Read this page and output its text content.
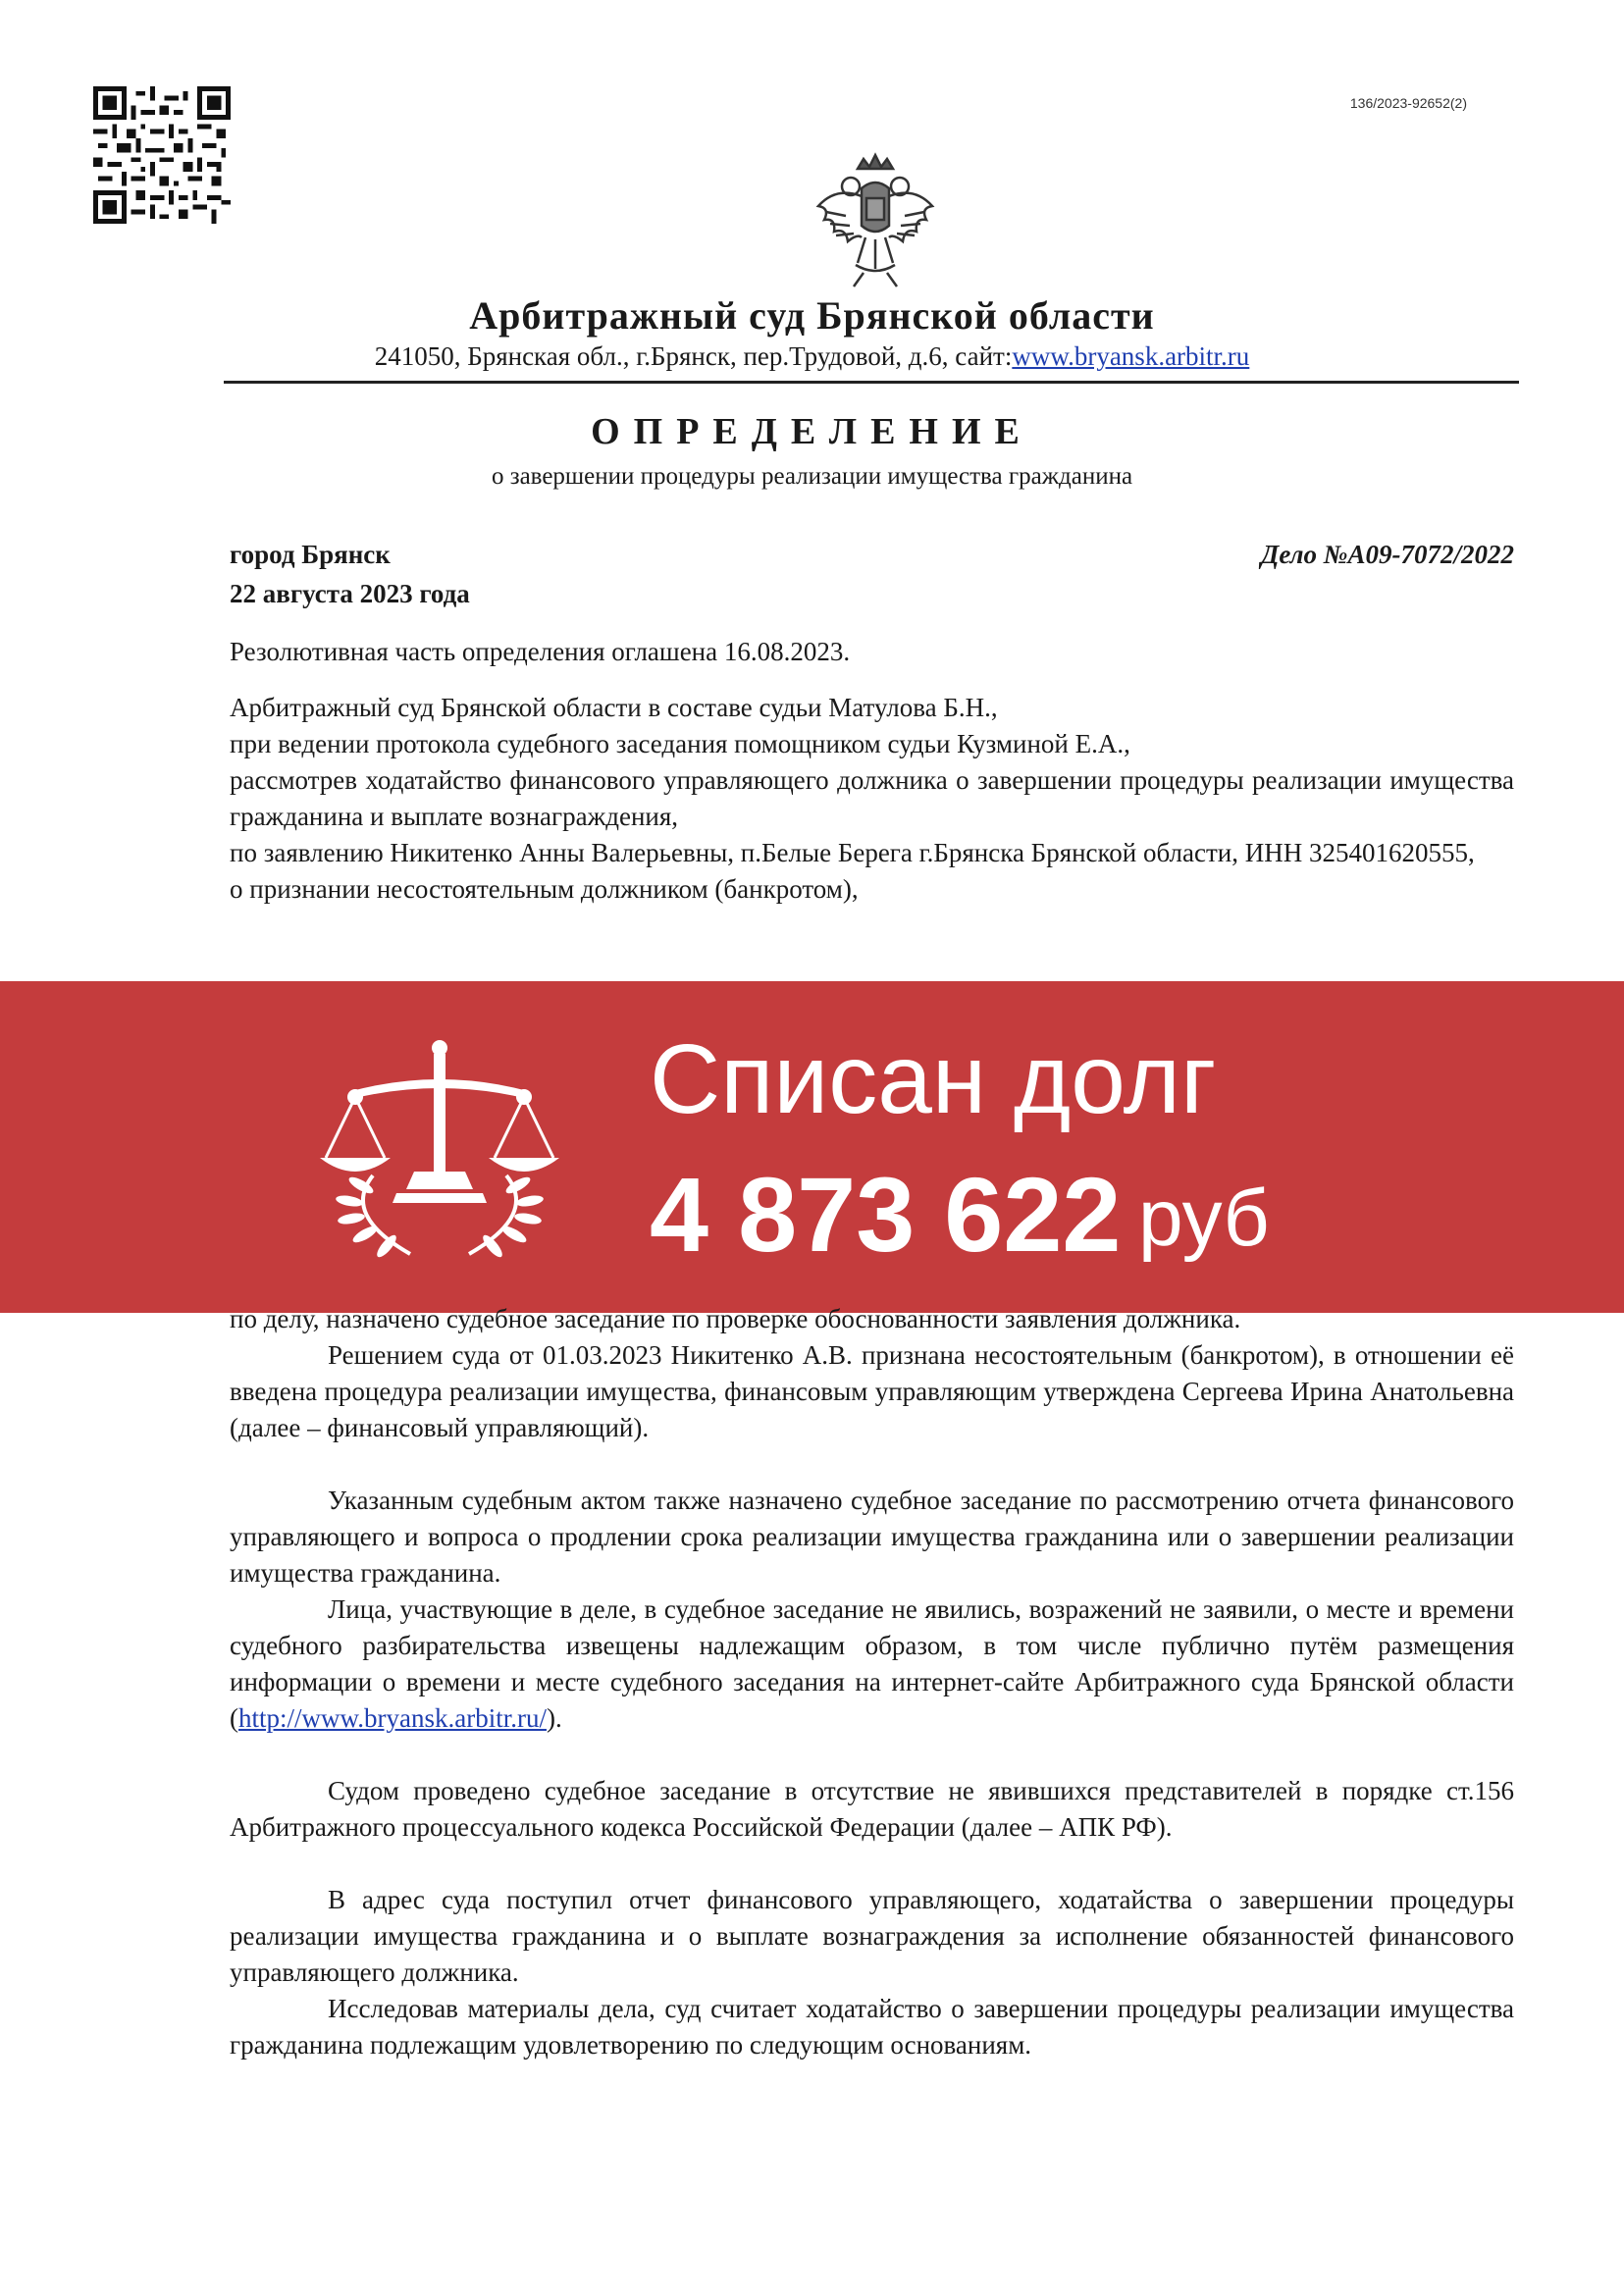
136/2023-92652(2)
Арбитражный суд Брянской области
241050, Брянская обл., г.Брянск, пер.Трудовой, д.6, сайт:www.bryansk.arbitr.ru
ОПРЕДЕЛЕНИЕ
о завершении процедуры реализации имущества гражданина
город Брянск
22 августа 2023 года
Дело №А09-7072/2022
Резолютивная часть определения оглашена 16.08.2023.
Арбитражный суд Брянской области в составе судьи Матулова Б.Н.,
при ведении протокола судебного заседания помощником судьи Кузминой Е.А.,
рассмотрев ходатайство финансового управляющего должника о завершении процедуры реализации имущества гражданина и выплате вознаграждения,
по заявлению Никитенко Анны Валерьевны, п.Белые Берега г.Брянска Брянской области, ИНН 325401620555,
о признании несостоятельным должником (банкротом),
Списан долг
4 873 622 руб
по делу, назначено судебное заседание по проверке обоснованности заявления должника.
Решением суда от 01.03.2023 Никитенко А.В. признана несостоятельным (банкротом), в отношении её введена процедура реализации имущества, финансовым управляющим утверждена Сергеева Ирина Анатольевна (далее – финансовый управляющий).
Указанным судебным актом также назначено судебное заседание по рассмотрению отчета финансового управляющего и вопроса о продлении срока реализации имущества гражданина или о завершении реализации имущества гражданина.
Лица, участвующие в деле, в судебное заседание не явились, возражений не заявили, о месте и времени судебного разбирательства извещены надлежащим образом, в том числе публично путём размещения информации о времени и месте судебного заседания на интернет-сайте Арбитражного суда Брянской области (http://www.bryansk.arbitr.ru/).
Судом проведено судебное заседание в отсутствие не явившихся представителей в порядке ст.156 Арбитражного процессуального кодекса Российской Федерации (далее – АПК РФ).
В адрес суда поступил отчет финансового управляющего, ходатайства о завершении процедуры реализации имущества гражданина и о выплате вознаграждения за исполнение обязанностей финансового управляющего должника.
Исследовав материалы дела, суд считает ходатайство о завершении процедуры реализации имущества гражданина подлежащим удовлетворению по следующим основаниям.
